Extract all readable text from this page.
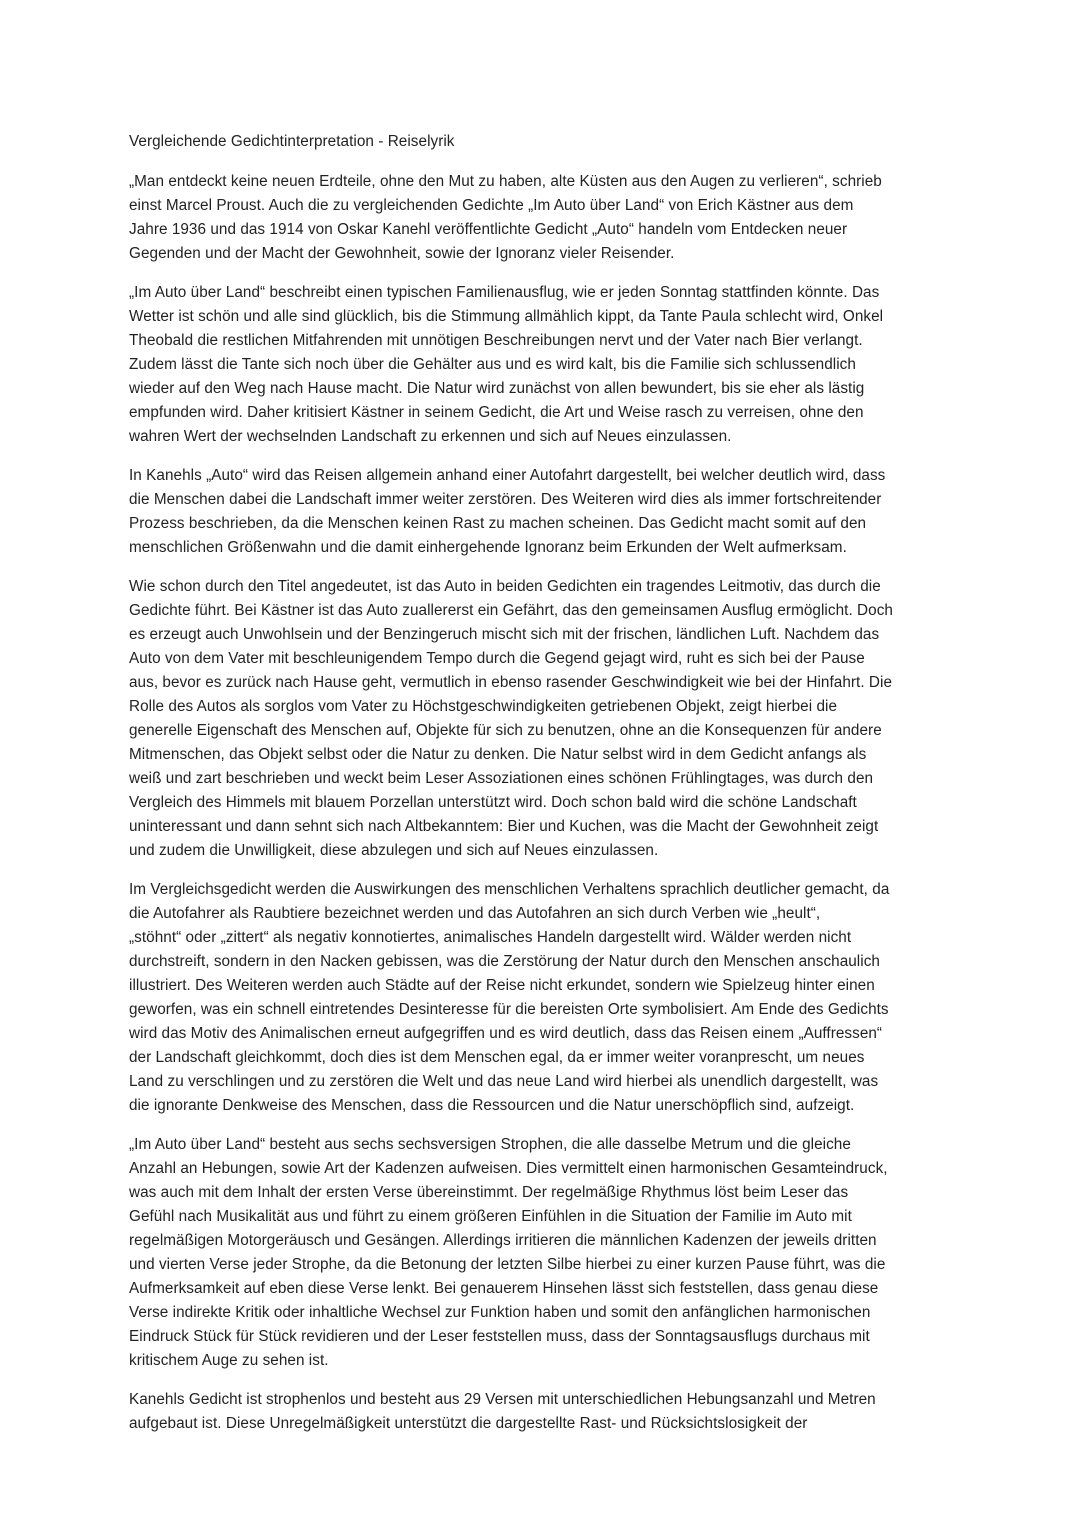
Vergleichende Gedichtinterpretation - Reiselyrik

„Man entdeckt keine neuen Erdteile, ohne den Mut zu haben, alte Küsten aus den Augen zu verlieren“, schrieb
einst Marcel Proust. Auch die zu vergleichenden Gedichte „Im Auto über Land“ von Erich Kästner aus dem
Jahre 1936 und das 1914 von Oskar Kanehl veröffentlichte Gedicht „Auto“ handeln vom Entdecken neuer
Gegenden und der Macht der Gewohnheit, sowie der Ignoranz vieler Reisender.

„Im Auto über Land“ beschreibt einen typischen Familienausflug, wie er jeden Sonntag stattfinden könnte. Das
Wetter ist schön und alle sind glücklich, bis die Stimmung allmählich kippt, da Tante Paula schlecht wird, Onkel
Theobald die restlichen Mitfahrenden mit unnötigen Beschreibungen nervt und der Vater nach Bier verlangt.
Zudem lässt die Tante sich noch über die Gehälter aus und es wird kalt, bis die Familie sich schlussendlich
wieder auf den Weg nach Hause macht. Die Natur wird zunächst von allen bewundert, bis sie eher als lästig
empfunden wird. Daher kritisiert Kästner in seinem Gedicht, die Art und Weise rasch zu verreisen, ohne den
wahren Wert der wechselnden Landschaft zu erkennen und sich auf Neues einzulassen.

In Kanehls „Auto“ wird das Reisen allgemein anhand einer Autofahrt dargestellt, bei welcher deutlich wird, dass
die Menschen dabei die Landschaft immer weiter zerstören. Des Weiteren wird dies als immer fortschreitender
Prozess beschrieben, da die Menschen keinen Rast zu machen scheinen. Das Gedicht macht somit auf den
menschlichen Größenwahn und die damit einhergehende Ignoranz beim Erkunden der Welt aufmerksam.

Wie schon durch den Titel angedeutet, ist das Auto in beiden Gedichten ein tragendes Leitmotiv, das durch die
Gedichte führt. Bei Kästner ist das Auto zuallererst ein Gefährt, das den gemeinsamen Ausflug ermöglicht. Doch
es erzeugt auch Unwohlsein und der Benzingeruch mischt sich mit der frischen, ländlichen Luft. Nachdem das
Auto von dem Vater mit beschleunigendem Tempo durch die Gegend gejagt wird, ruht es sich bei der Pause
aus, bevor es zurück nach Hause geht, vermutlich in ebenso rasender Geschwindigkeit wie bei der Hinfahrt. Die
Rolle des Autos als sorglos vom Vater zu Höchstgeschwindigkeiten getriebenen Objekt, zeigt hierbei die
generelle Eigenschaft des Menschen auf, Objekte für sich zu benutzen, ohne an die Konsequenzen für andere
Mitmenschen, das Objekt selbst oder die Natur zu denken. Die Natur selbst wird in dem Gedicht anfangs als
weiß und zart beschrieben und weckt beim Leser Assoziationen eines schönen Frühlingtages, was durch den
Vergleich des Himmels mit blauem Porzellan unterstützt wird. Doch schon bald wird die schöne Landschaft
uninteressant und dann sehnt sich nach Altbekanntem: Bier und Kuchen, was die Macht der Gewohnheit zeigt
und zudem die Unwilligkeit, diese abzulegen und sich auf Neues einzulassen.

Im Vergleichsgedicht werden die Auswirkungen des menschlichen Verhaltens sprachlich deutlicher gemacht, da
die Autofahrer als Raubtiere bezeichnet werden und das Autofahren an sich durch Verben wie „heult“,
„stöhnt“ oder „zittert“ als negativ konnotiertes, animalisches Handeln dargestellt wird. Wälder werden nicht
durchstreift, sondern in den Nacken gebissen, was die Zerstörung der Natur durch den Menschen anschaulich
illustriert. Des Weiteren werden auch Städte auf der Reise nicht erkundet, sondern wie Spielzeug hinter einen
geworfen, was ein schnell eintretendes Desinteresse für die bereisten Orte symbolisiert. Am Ende des Gedichts
wird das Motiv des Animalischen erneut aufgegriffen und es wird deutlich, dass das Reisen einem „Auffressen“
der Landschaft gleichkommt, doch dies ist dem Menschen egal, da er immer weiter voranprescht, um neues
Land zu verschlingen und zu zerstören die Welt und das neue Land wird hierbei als unendlich dargestellt, was
die ignorante Denkweise des Menschen, dass die Ressourcen und die Natur unerschöpflich sind, aufzeigt.

„Im Auto über Land“ besteht aus sechs sechsversigen Strophen, die alle dasselbe Metrum und die gleiche
Anzahl an Hebungen, sowie Art der Kadenzen aufweisen. Dies vermittelt einen harmonischen Gesamteindruck,
was auch mit dem Inhalt der ersten Verse übereinstimmt. Der regelmäßige Rhythmus löst beim Leser das
Gefühl nach Musikalität aus und führt zu einem größeren Einfühlen in die Situation der Familie im Auto mit
regelmäßigen Motorgeräusch und Gesängen. Allerdings irritieren die männlichen Kadenzen der jeweils dritten
und vierten Verse jeder Strophe, da die Betonung der letzten Silbe hierbei zu einer kurzen Pause führt, was die
Aufmerksamkeit auf eben diese Verse lenkt. Bei genauerem Hinsehen lässt sich feststellen, dass genau diese
Verse indirekte Kritik oder inhaltliche Wechsel zur Funktion haben und somit den anfänglichen harmonischen
Eindruck Stück für Stück revidieren und der Leser feststellen muss, dass der Sonntagsausflugs durchaus mit
kritischem Auge zu sehen ist.

Kanehls Gedicht ist strophenlos und besteht aus 29 Versen mit unterschiedlichen Hebungsanzahl und Metren
aufgebaut ist. Diese Unregelmäßigkeit unterstützt die dargestellte Rast- und Rücksichtslosigkeit der
